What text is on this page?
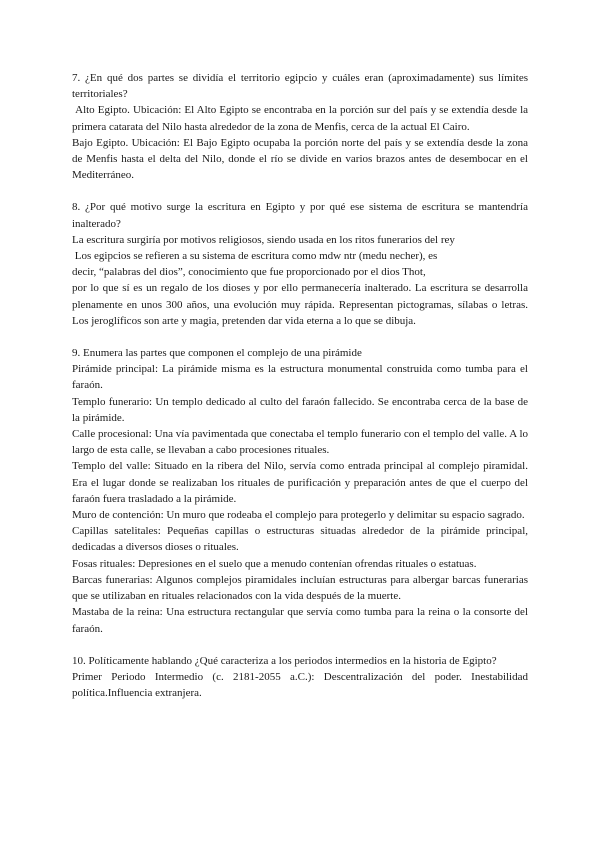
7. ¿En qué dos partes se dividía el territorio egipcio y cuáles eran (aproximadamente) sus límites territoriales?

Alto Egipto. Ubicación: El Alto Egipto se encontraba en la porción sur del país y se extendía desde la primera catarata del Nilo hasta alrededor de la zona de Menfis, cerca de la actual El Cairo.

Bajo Egipto. Ubicación: El Bajo Egipto ocupaba la porción norte del país y se extendía desde la zona de Menfis hasta el delta del Nilo, donde el río se divide en varios brazos antes de desembocar en el Mediterráneo.

8. ¿Por qué motivo surge la escritura en Egipto y por qué ese sistema de escritura se mantendría inalterado?

La escritura surgiría por motivos religiosos, siendo usada en los ritos funerarios del rey

Los egipcios se refieren a su sistema de escritura como mdw ntr (medu necher), es

decir, “palabras del dios”, conocimiento que fue proporcionado por el dios Thot,

por lo que sí es un regalo de los dioses y por ello permanecería inalterado. La escritura se desarrolla plenamente en unos 300 años, una evolución muy rápida. Representan pictogramas, sílabas o letras. Los jeroglíficos son arte y magia, pretenden dar vida eterna a lo que se dibuja.

9. Enumera las partes que componen el complejo de una pirámide

Pirámide principal: La pirámide misma es la estructura monumental construida como tumba para el faraón.

Templo funerario: Un templo dedicado al culto del faraón fallecido. Se encontraba cerca de la base de la pirámide.

Calle procesional: Una vía pavimentada que conectaba el templo funerario con el templo del valle. A lo largo de esta calle, se llevaban a cabo procesiones rituales.

Templo del valle: Situado en la ribera del Nilo, servía como entrada principal al complejo piramidal. Era el lugar donde se realizaban los rituales de purificación y preparación antes de que el cuerpo del faraón fuera trasladado a la pirámide.

Muro de contención: Un muro que rodeaba el complejo para protegerlo y delimitar su espacio sagrado.

Capillas satelitales: Pequeñas capillas o estructuras situadas alrededor de la pirámide principal, dedicadas a diversos dioses o rituales.

Fosas rituales: Depresiones en el suelo que a menudo contenían ofrendas rituales o estatuas.

Barcas funerarias: Algunos complejos piramidales incluían estructuras para albergar barcas funerarias que se utilizaban en rituales relacionados con la vida después de la muerte.

Mastaba de la reina: Una estructura rectangular que servía como tumba para la reina o la consorte del faraón.

10. Políticamente hablando ¿Qué caracteriza a los periodos intermedios en la historia de Egipto?

Primer Periodo Intermedio (c. 2181-2055 a.C.): Descentralización del poder. Inestabilidad política.Influencia extranjera.
